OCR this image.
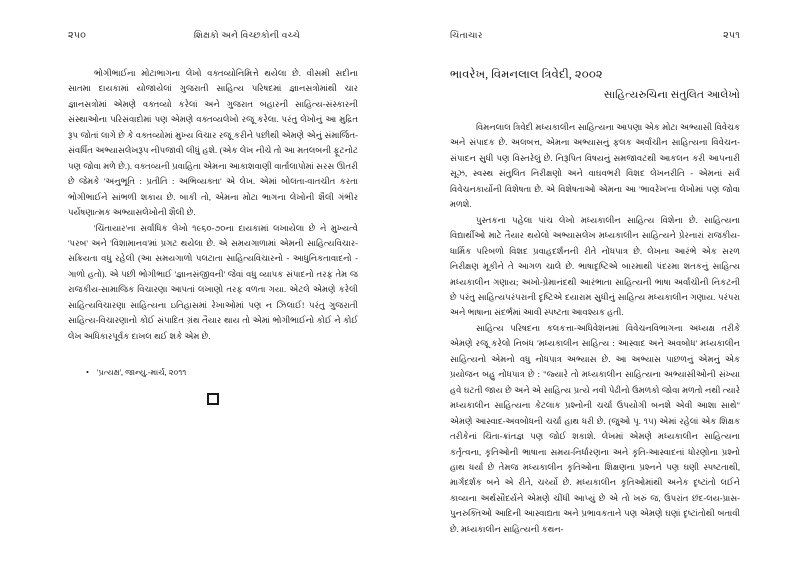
૨૫૦	શિક્ષકો અને વિચ્છકોની વચ્ચે

ભોગીભાઈના મોટાભાગના લેખો વક્તવ્યોનિમિત્તે થયેલા છે. વીસમી સદીના સાતમા દાયકામાં યોજાયેલાં ગુજરાતી સાહિત્ય પરિષદમાં જ્ઞાનસત્રોમાંથી ચાર જ્ઞાનસત્રોમાં એમણે વક્તવ્યો કરેલાં અને ગુજરાત બહારની સાહિત્ય-સંસ્કારની સંસ્થાઓના પરિસંવાદોમાં પણ એમણે વક્તવ્યલેખો રજૂ કરેલા. પરંતુ લેખોનું આ મુદ્રિત રૂપ જોતાં લાગે છે કે વક્તવ્યોમાં મુખ્ય વિચાર રજૂ કરીને પછીથી એમણે એનું સંમાર્જિત-સંવર્ધિત અભ્યાસલેખરૂપ નીપજાવી લીધું હશે. (એક લેખ નીચે તો આ મતલબની ફૂટનોટ પણ જોવા મળે છે.). વક્તવ્યની પ્રવાહિતા એમના આકાશવાણી વાર્તાલાપોમાં સરસ ઊતરી છે જેમકે 'અનુભૂતિ : પ્રતીતિ : અભિવ્યક્તા' એ લેખ. એમાં બોલતા-વાતચીત કરતા ભોગીભાઈને સાંભળી શકાય છે. બાકી તો, એમના મોટા ભાગના લેખોની શૈલી ગંભીર પર્યેષણાત્મક અભ્યાસલેખોની શૈલી છે.

'ચિંતાયાર'ના સર્વાધિક લેખો ૧૯૬૦-૭૦ના દાયકામાં લખાયેલા છે ને મુખ્યત્વે 'પરબ' અને 'વિશામાનવ'માં પ્રગટ થયેલા છે. એ સમયગાળામાં એમની સાહિત્યવિચાર-સક્રિયતા વધુ રહેલી (આ સમયગાળો પલટાતા સાહિત્યવિચારનો - આધુનિકતાવાદનો - ગાળો હતો). એ પછી ભોગીભાઈ 'જ્ઞાનસંજીવની' જેવાં વધુ વ્યાપક સંપાદનો તરફ તેમ જ રાજકીય-સામાજિક વિચારણા આપતાં લખાણો તરફ વળતા ગયા. એટલે એમણે કરેલી સાહિત્યવિચારણા સાહિત્યના ઇતિહાસમાં રેખાઓમાં પણ ન ઝિલાઈ! પરંતુ ગુજરાતી સાહિત્ય-વિચારણાનો કોઈ સંપાદિત ગ્રંથ તૈયાર થાય તો એમાં ભોગીભાઈનો કોઈ ને કોઈ લેખ અધિકારપૂર્વક દાખલ થઈ શકે એમ છે.

• 'પ્રત્યક્ષ', જાન્યુ.-માર્ચ, ૨૦૧૧
ચિંતાચાર	૨૫૧
ભાવરેખ, વિમનલાલ ત્રિવેદી, ૨૦૦૨
સાહિત્યરુચિના સંતુલિત આલેખો

વિમનલાલ ત્રિવેદી મધ્યકાલીન સાહિત્યના આપણા એક મોટા અભ્યાસી વિવેચક અને સંપાદક છે. અલબત્ત, એમના અભ્યાસનું ફલક અર્વાચીન સાહિત્યના વિવેચન-સંપાદન સુધી પણ વિસ્તરેલું છે. નિરૂપિત વિષયનું સમજાવટથી આકલન કરી આપનારી સૂઝ, સ્વસ્થ સંતુલિત નિરીક્ષણો અને વાઘવભરી વિશદ લેખનરીતિ - એમનાં સર્વ વિવેચનકાર્યોની વિશેષતા છે. એ વિશેષતાઓ એમના આ 'ભાવરેખ'ના લેખોમાં પણ જોવા મળશે.

પુસ્તકના પહેલા પાંચ લેખો મધ્યકાલીન સાહિત્ય વિશેના છે. સાહિત્યના વિદ્યાર્થીઓ માટે તૈયાર થયેલો અભ્યાસલેખ મધ્યકાલીન સાહિત્યને પ્રેરનારાં રાજકીય-ધાર્મિક પરિબળો વિશદ પ્રવાહદર્શનની રીતે નોંધપાત્ર છે. લેખના આરંભે એક સરળ નિરીક્ષણ મૂકીને તે આગળ ચાલે છે. ભાષાદૃષ્ટિએ બારમાથી પંદરમા શતકનું સાહિત્ય મધ્યકાલીન ગણાય; અખો-પ્રેમાનંદથી આરંભાતા સાહિત્યની ભાષા અર્વાચીની નિકટની છે પરંતુ સાહિત્યપરંપરાની દૃષ્ટિએ દયારામ સુધીનું સાહિત્ય મધ્યકાલીન ગણાય. પરંપરા અને ભાષાના સંદર્ભમાં આવી સ્પષ્ટતા આવશ્યક હતી.

સાહિત્ય પરિષદના કલકત્તા-અધિવેશનમાં વિવેચનવિભાગના અધ્યક્ષ તરીકે એમણે રજૂ કરેલો નિબંધ 'મધ્યકાલીન સાહિત્ય : આસ્વાદ અને અવબોધ' મધ્યકાલીન સાહિત્યનો એમનો વધુ નોંધપાત્ર અભ્યાસ છે. આ અભ્યાસ પાછળનું એમનું એક પ્રયોજન બહુ નોંધપાત્ર છે : "જ્યારે તો મધ્યકાલીન સાહિત્યના અભ્યાસીઓની સંખ્યા હવે ઘટતી જાય છે અને એ સાહિત્ય પ્રત્યે નવી પેઢીનો ઉમળકો જોવા મળતો નથી ત્યારે મધ્યકાલીન સાહિત્યના કેટલાક પ્રશ્નોની ચર્ચા ઉપયોગી બનશે એવી આશા સાથે" એમણે આસ્વાદ-અવબોધની ચર્ચા હાથ ધરી છે. (જુઓ પૃ. ૧૫) એમાં રહેલાં એક શિક્ષક તરીકેનાં ચિંતા-ક્રાંતજ્ઞ પણ જોઈ શકાશે. લેખમાં એમણે મધ્યકાલીન સાહિત્યના કર્તૃત્વના, કૃતિઓની ભાષાના સમય-નિર્ધારણના અને કૃતિ-આસ્વાદનાં ધોરણોના પ્રશ્નો હાથ ધર્યા છે તેમજ મધ્યકાલીન કૃતિઓના શિક્ષણના પ્રશ્નને પણ ઘણી સ્પષ્ટતાથી, માર્ગદર્શક બને એ રીતે, ચર્ચ્યો છે. મધ્યકાલીન કૃતિઓમાંથી અનેક દૃષ્ટાંતો લઈને કાવ્યના અર્થસૌંદર્યને એમણે ચીંધી આપ્યું છે એ તો ખરું જ, ઉપરાંત છંદ-લય-પ્રાસ-પુનરુક્તિઓ આદિની આસ્વાદ્યતા અને પ્રભાવકતાને પણ એમણે ઘણાં દૃષ્ટાંતોથી બતાવી છે. મધ્યકાલીન સાહિત્યની કથન-
